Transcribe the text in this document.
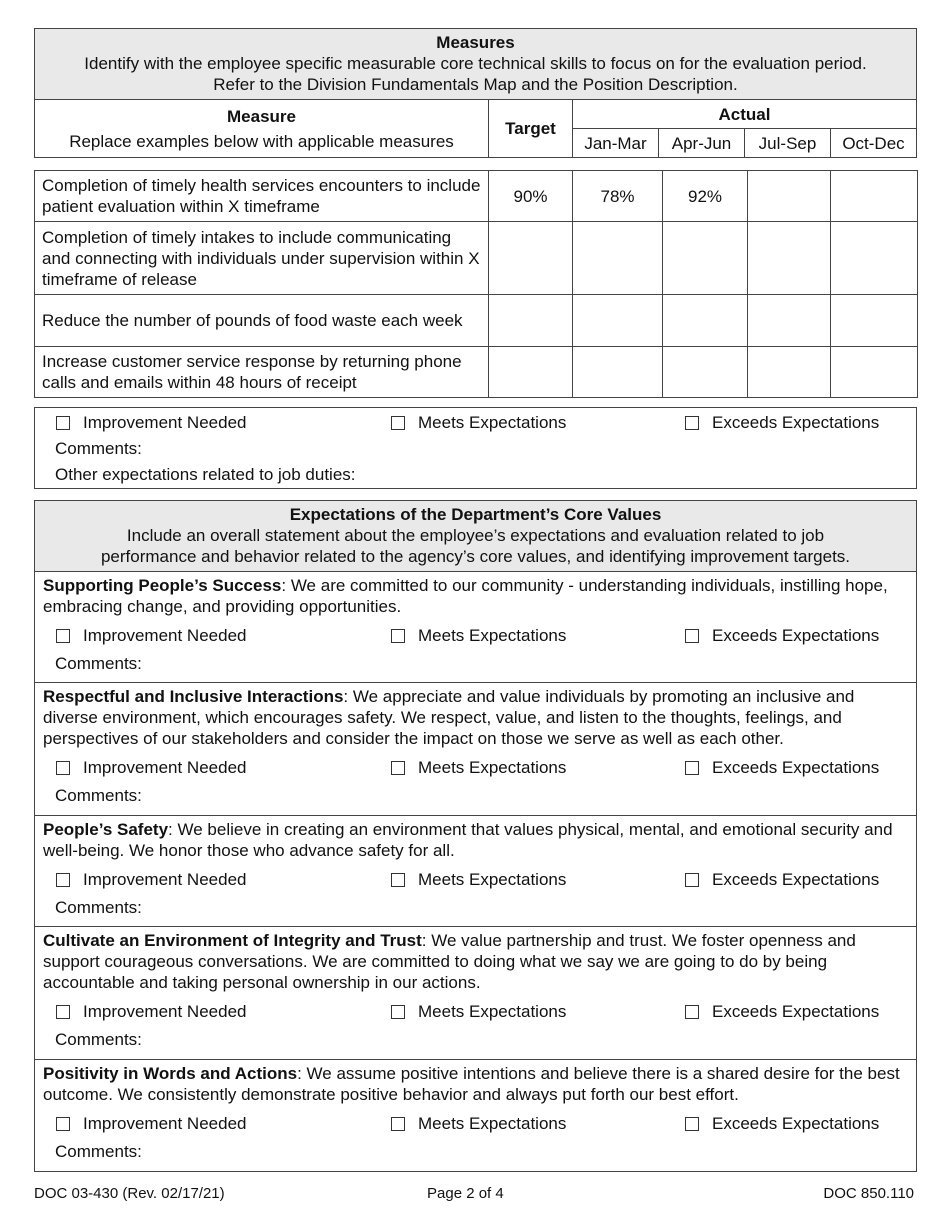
Measures
Identify with the employee specific measurable core technical skills to focus on for the evaluation period.
Refer to the Division Fundamentals Map and the Position Description.
Measure
Replace examples below with applicable measures	Target	Actual			
		Jan-Mar	Apr-Jun	Jul-Sep	Oct-Dec
Completion of timely health services encounters to include patient evaluation within X timeframe	90%	78%	92%		
Completion of timely intakes to include communicating and connecting with individuals under supervision within X timeframe of release					
Reduce the number of pounds of food waste each week					
Increase customer service response by returning phone calls and emails within 48 hours of receipt					
Improvement Needed	Meets Expectations	Exceeds Expectations
Comments:
Other expectations related to job duties:
Expectations of the Department’s Core Values
Include an overall statement about the employee’s expectations and evaluation related to job
performance and behavior related to the agency’s core values, and identifying improvement targets.
Supporting People’s Success: We are committed to our community - understanding individuals, instilling hope, embracing change, and providing opportunities.
Improvement Needed	Meets Expectations	Exceeds Expectations
Comments:
Respectful and Inclusive Interactions: We appreciate and value individuals by promoting an inclusive and diverse environment, which encourages safety. We respect, value, and listen to the thoughts, feelings, and perspectives of our stakeholders and consider the impact on those we serve as well as each other.
Improvement Needed	Meets Expectations	Exceeds Expectations
Comments:
People’s Safety: We believe in creating an environment that values physical, mental, and emotional security and well-being. We honor those who advance safety for all.
Improvement Needed	Meets Expectations	Exceeds Expectations
Comments:
Cultivate an Environment of Integrity and Trust: We value partnership and trust. We foster openness and support courageous conversations. We are committed to doing what we say we are going to do by being accountable and taking personal ownership in our actions.
Improvement Needed	Meets Expectations	Exceeds Expectations
Comments:
Positivity in Words and Actions: We assume positive intentions and believe there is a shared desire for the best outcome. We consistently demonstrate positive behavior and always put forth our best effort.
Improvement Needed	Meets Expectations	Exceeds Expectations
Comments:
DOC 03-430 (Rev. 02/17/21)	Page 2 of 4	DOC 850.110
